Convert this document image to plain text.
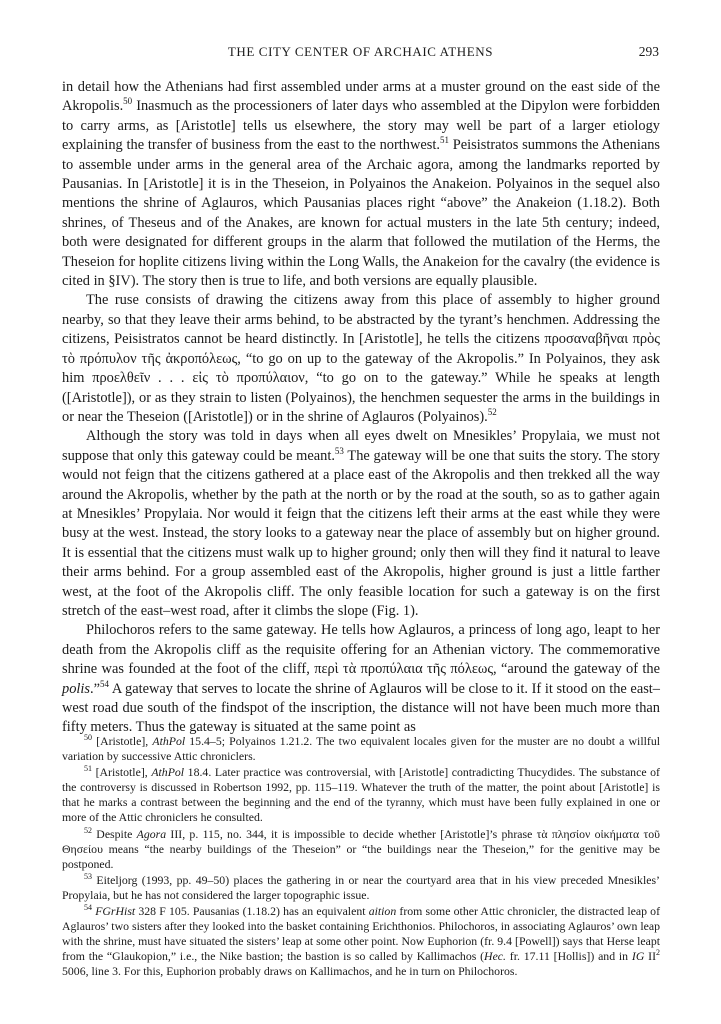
THE CITY CENTER OF ARCHAIC ATHENS	293

in detail how the Athenians had first assembled under arms at a muster ground on the east side of the Akropolis.$^{50}$ Inasmuch as the processioners of later days who assembled at the Dipylon were forbidden to carry arms, as [Aristotle] tells us elsewhere, the story may well be part of a larger etiology explaining the transfer of business from the east to the northwest.$^{51}$ Peisistratos summons the Athenians to assemble under arms in the general area of the Archaic agora, among the landmarks reported by Pausanias. In [Aristotle] it is in the Theseion, in Polyainos the Anakeion. Polyainos in the sequel also mentions the shrine of Aglauros, which Pausanias places right “above” the Anakeion (1.18.2). Both shrines, of Theseus and of the Anakes, are known for actual musters in the late 5th century; indeed, both were designated for different groups in the alarm that followed the mutilation of the Herms, the Theseion for hoplite citizens living within the Long Walls, the Anakeion for the cavalry (the evidence is cited in §IV). The story then is true to life, and both versions are equally plausible.

The ruse consists of drawing the citizens away from this place of assembly to higher ground nearby, so that they leave their arms behind, to be abstracted by the tyrant’s henchmen. Addressing the citizens, Peisistratos cannot be heard distinctly. In [Aristotle], he tells the citizens προσαναβῆναι πρὸς τὸ πρόπυλον τῆς ἀκροπόλεως, “to go on up to the gateway of the Akropolis.” In Polyainos, they ask him προελθεῖν . . . εἰς τὸ προπύλαιον, “to go on to the gateway.” While he speaks at length ([Aristotle]), or as they strain to listen (Polyainos), the henchmen sequester the arms in the buildings in or near the Theseion ([Aristotle]) or in the shrine of Aglauros (Polyainos).$^{52}$

Although the story was told in days when all eyes dwelt on Mnesikles’ Propylaia, we must not suppose that only this gateway could be meant.$^{53}$ The gateway will be one that suits the story. The story would not feign that the citizens gathered at a place east of the Akropolis and then trekked all the way around the Akropolis, whether by the path at the north or by the road at the south, so as to gather again at Mnesikles’ Propylaia. Nor would it feign that the citizens left their arms at the east while they were busy at the west. Instead, the story looks to a gateway near the place of assembly but on higher ground. It is essential that the citizens must walk up to higher ground; only then will they find it natural to leave their arms behind. For a group assembled east of the Akropolis, higher ground is just a little farther west, at the foot of the Akropolis cliff. The only feasible location for such a gateway is on the first stretch of the east–west road, after it climbs the slope (Fig. 1).

Philochoros refers to the same gateway. He tells how Aglauros, a princess of long ago, leapt to her death from the Akropolis cliff as the requisite offering for an Athenian victory. The commemorative shrine was founded at the foot of the cliff, περὶ τὰ προπύλαια τῆς πόλεως, “around the gateway of the polis.”$^{54}$ A gateway that serves to locate the shrine of Aglauros will be close to it. If it stood on the east–west road due south of the findspot of the inscription, the distance will not have been much more than fifty meters. Thus the gateway is situated at the same point as

$^{50}$ [Aristotle], AthPol 15.4–5; Polyainos 1.21.2. The two equivalent locales given for the muster are no doubt a willful variation by successive Attic chroniclers.

$^{51}$ [Aristotle], AthPol 18.4. Later practice was controversial, with [Aristotle] contradicting Thucydides. The substance of the controversy is discussed in Robertson 1992, pp. 115–119. Whatever the truth of the matter, the point about [Aristotle] is that he marks a contrast between the beginning and the end of the tyranny, which must have been fully explained in one or more of the Attic chroniclers he consulted.

$^{52}$ Despite Agora III, p. 115, no. 344, it is impossible to decide whether [Aristotle]’s phrase τὰ πλησίον οἰκήματα τοῦ Θησείου means “the nearby buildings of the Theseion” or “the buildings near the Theseion,” for the genitive may be postponed.

$^{53}$ Eiteljorg (1993, pp. 49–50) places the gathering in or near the courtyard area that in his view preceded Mnesikles’ Propylaia, but he has not considered the larger topographic issue.

$^{54}$ FGrHist 328 F 105. Pausanias (1.18.2) has an equivalent aition from some other Attic chronicler, the distracted leap of Aglauros’ two sisters after they looked into the basket containing Erichthonios. Philochoros, in associating Aglauros’ own leap with the shrine, must have situated the sisters’ leap at some other point. Now Euphorion (fr. 9.4 [Powell]) says that Herse leapt from the “Glaukopion,” i.e., the Nike bastion; the bastion is so called by Kallimachos (Hec. fr. 17.11 [Hollis]) and in IG $II^2$ 5006, line 3. For this, Euphorion probably draws on Kallimachos, and he in turn on Philochoros.
